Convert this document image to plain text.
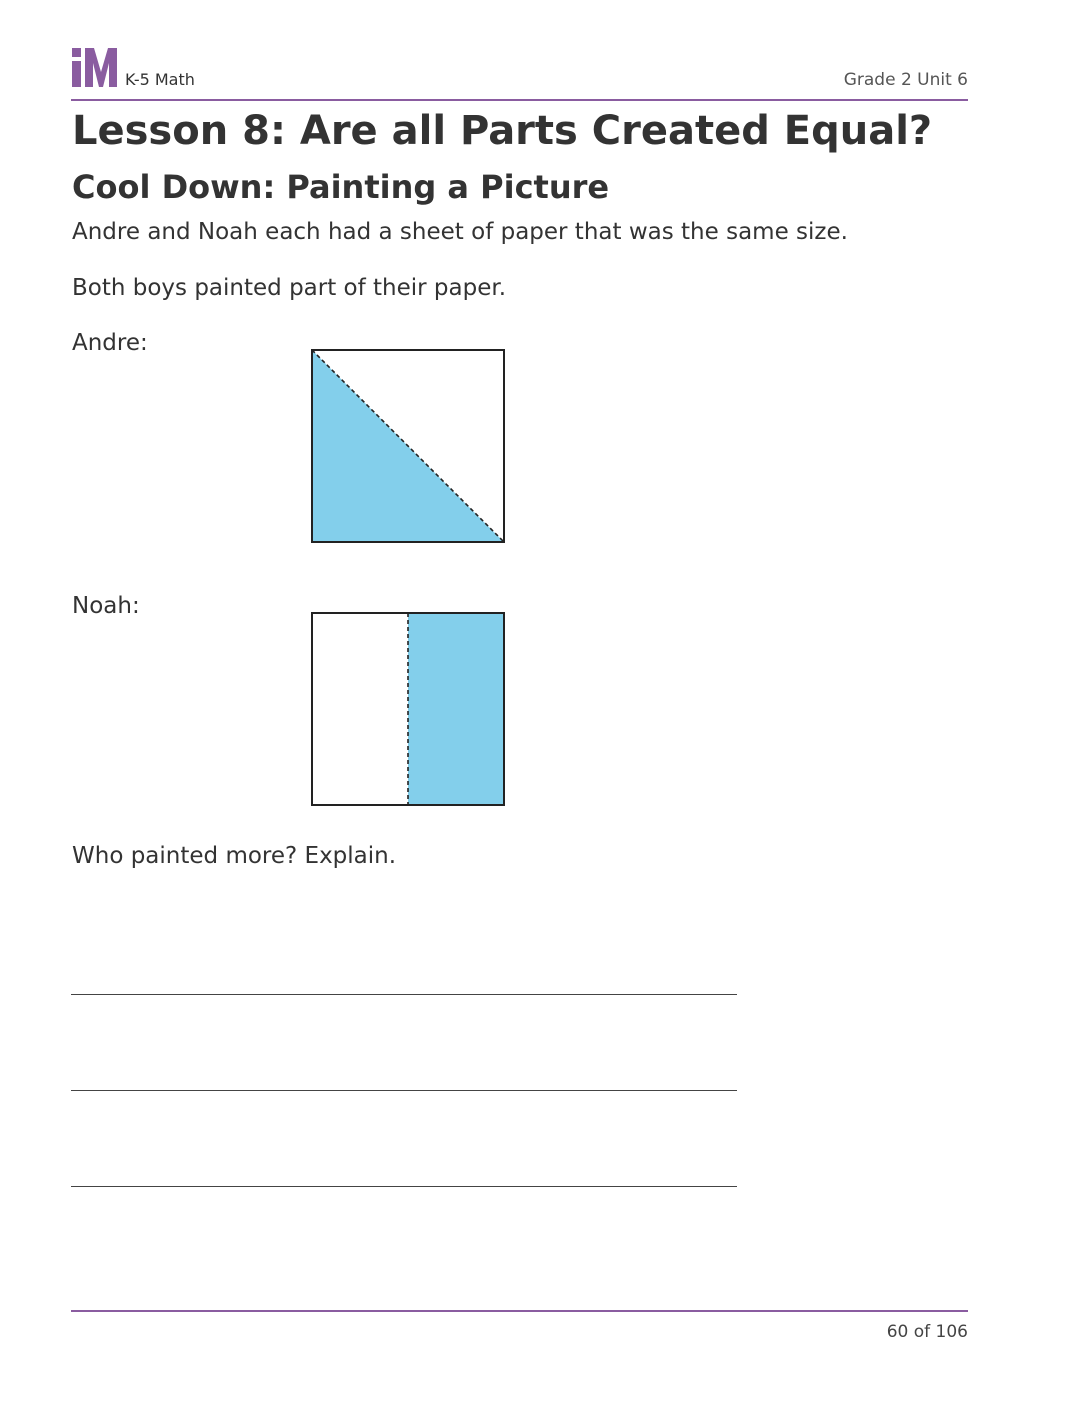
K-5 Math	Grade 2 Unit 6
Lesson 8: Are all Parts Created Equal?
Cool Down: Painting a Picture
Andre and Noah each had a sheet of paper that was the same size.
Both boys painted part of their paper.
Andre:
Noah:
Who painted more? Explain.
60 of 106
